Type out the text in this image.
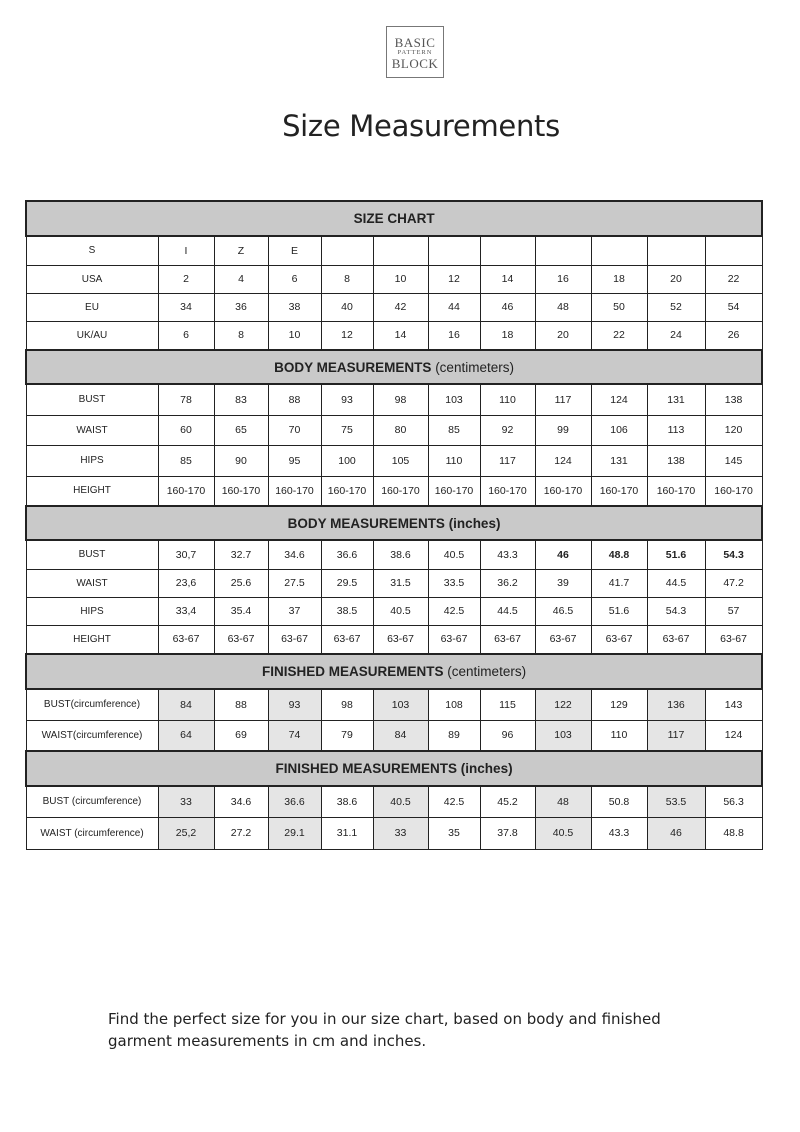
BASIC
PATTERN
BLOCK
Size Measurements
SIZE CHART											
S	I	Z	E								
USA	2	4	6	8	10	12	14	16	18	20	22
EU	34	36	38	40	42	44	46	48	50	52	54
UK/AU	6	8	10	12	14	16	18	20	22	24	26
BODY MEASUREMENTS (centimeters)											
BUST	78	83	88	93	98	103	110	117	124	131	138
WAIST	60	65	70	75	80	85	92	99	106	113	120
HIPS	85	90	95	100	105	110	117	124	131	138	145
HEIGHT	160-170	160-170	160-170	160-170	160-170	160-170	160-170	160-170	160-170	160-170	160-170
BODY MEASUREMENTS (inches)											
BUST	30,7	32.7	34.6	36.6	38.6	40.5	43.3	46	48.8	51.6	54.3
WAIST	23,6	25.6	27.5	29.5	31.5	33.5	36.2	39	41.7	44.5	47.2
HIPS	33,4	35.4	37	38.5	40.5	42.5	44.5	46.5	51.6	54.3	57
HEIGHT	63-67	63-67	63-67	63-67	63-67	63-67	63-67	63-67	63-67	63-67	63-67
FINISHED MEASUREMENTS (centimeters)											
BUST(circumference)	84	88	93	98	103	108	115	122	129	136	143
WAIST(circumference)	64	69	74	79	84	89	96	103	110	117	124
FINISHED MEASUREMENTS (inches)											
BUST (circumference)	33	34.6	36.6	38.6	40.5	42.5	45.2	48	50.8	53.5	56.3
WAIST (circumference)	25,2	27.2	29.1	31.1	33	35	37.8	40.5	43.3	46	48.8
Find the perfect size for you in our size chart, based on body and finished garment measurements in cm and inches.
